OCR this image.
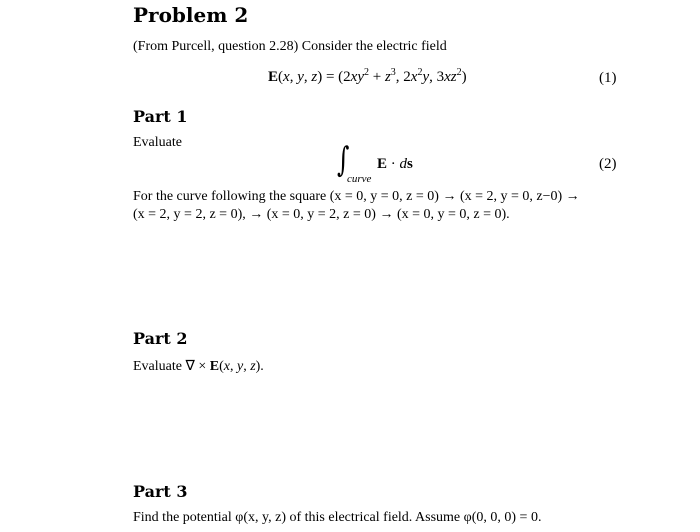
Problem 2
(From Purcell, question 2.28) Consider the electric field
E(x, y, $z) = (2xy^2 + z^3$, $2x^2y$, $3xz^2$)	(1)
Part 1
Evaluate	∫
curve
E · ds	(2)
For the curve following the square (x = 0, y = 0, z = 0) → (x = 2, y = 0, z−0) →
(x = 2, y = 2, z = 0), → (x = 0, y = 2, z = 0) → (x = 0, y = 0, z = 0).
Part 2
Evaluate ∇ × E(x, y, z).
Part 3
Find the potential φ(x, y, z) of this electrical field. Assume φ(0, 0, 0) = 0.
